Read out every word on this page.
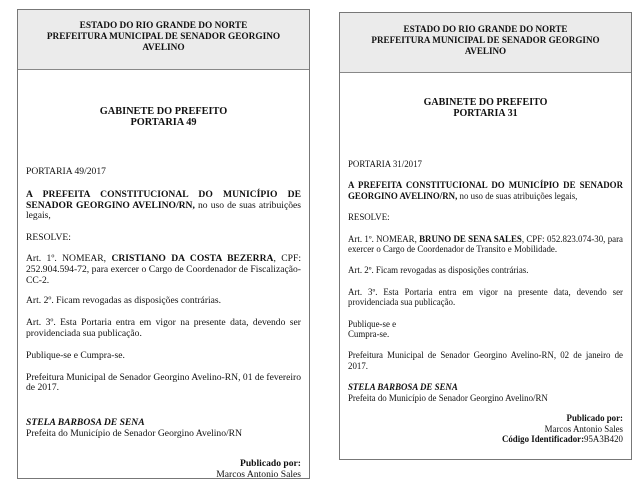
ESTADO DO RIO GRANDE DO NORTE
PREFEITURA MUNICIPAL DE SENADOR GEORGINO
AVELINO
GABINETE DO PREFEITO
PORTARIA 49

PORTARIA 49/2017

A PREFEITA CONSTITUCIONAL DO MUNICÍPIO DE SENADOR GEORGINO AVELINO/RN, no uso de suas atribuições legais,

RESOLVE:

Art. 1º. NOMEAR, CRISTIANO DA COSTA BEZERRA, CPF: 252.904.594-72, para exercer o Cargo de Coordenador de Fiscalização-CC-2.

Art. 2º. Ficam revogadas as disposições contrárias.

Art. 3º. Esta Portaria entra em vigor na presente data, devendo ser providenciada sua publicação.

Publique-se e Cumpra-se.

Prefeitura Municipal de Senador Georgino Avelino-RN, 01 de fevereiro de 2017.

STELA BARBOSA DE SENA

Prefeita do Município de Senador Georgino Avelino/RN

Publicado por:

Marcos Antonio Sales

ESTADO DO RIO GRANDE DO NORTE
PREFEITURA MUNICIPAL DE SENADOR GEORGINO
AVELINO
GABINETE DO PREFEITO
PORTARIA 31

PORTARIA 31/2017

A PREFEITA CONSTITUCIONAL DO MUNICÍPIO DE SENADOR GEORGINO AVELINO/RN, no uso de suas atribuições legais,

RESOLVE:

Art. 1º. NOMEAR, BRUNO DE SENA SALES, CPF: 052.823.074-30, para exercer o Cargo de Coordenador de Transito e Mobilidade.

Art. 2º. Ficam revogadas as disposições contrárias.

Art. 3º. Esta Portaria entra em vigor na presente data, devendo ser providenciada sua publicação.

Publique-se e

Cumpra-se.

Prefeitura Municipal de Senador Georgino Avelino-RN, 02 de janeiro de 2017.

STELA BARBOSA DE SENA

Prefeita do Município de Senador Georgino Avelino/RN

Publicado por:

Marcos Antonio Sales

Código Identificador:95A3B420
